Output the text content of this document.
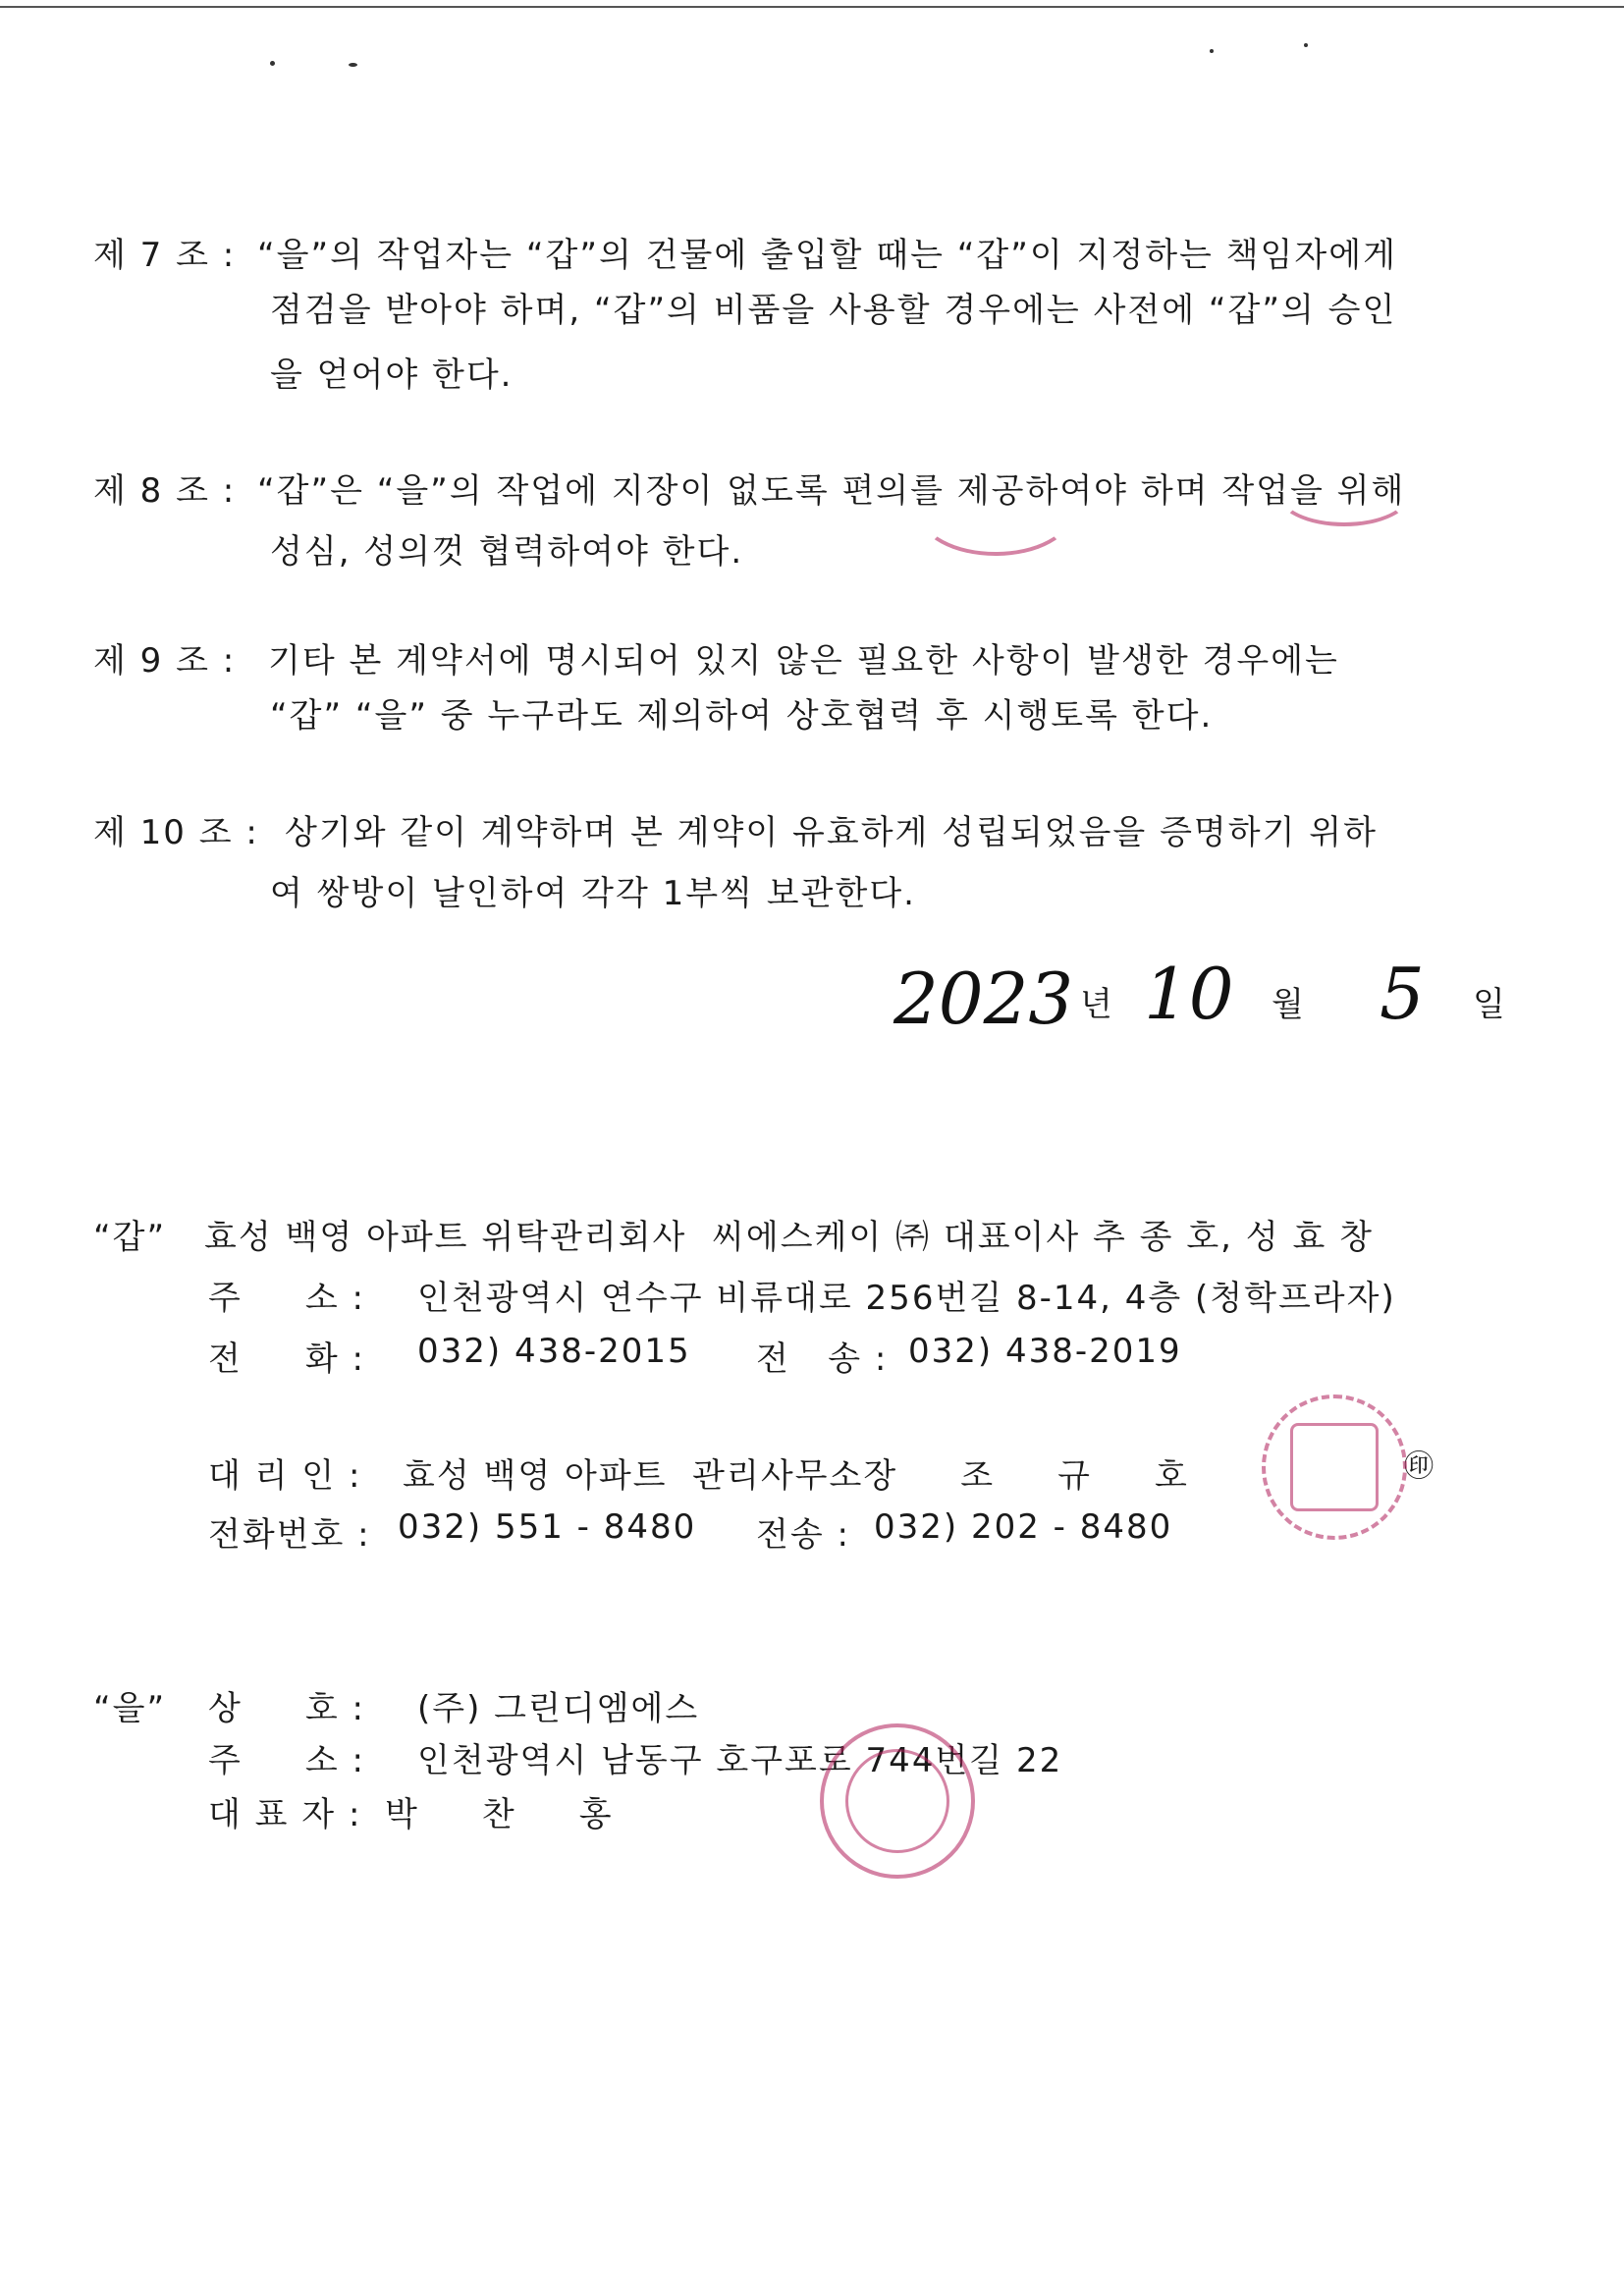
제 7 조 : “을”의 작업자는 “갑”의 건물에 출입할 때는 “갑”이 지정하는 책임자에게
점검을 받아야 하며, “갑”의 비품을 사용할 경우에는 사전에 “갑”의 승인
을 얻어야 한다.
제 8 조 : “갑”은 “을”의 작업에 지장이 없도록 편의를 제공하여야 하며 작업을 위해
성심, 성의껏 협력하여야 한다.
제 9 조 : 기타 본 계약서에 명시되어 있지 않은 필요한 사항이 발생한 경우에는
“갑” “을” 중 누구라도 제의하여 상호협력 후 시행토록 한다.
제 10 조 : 상기와 같이 계약하며 본 계약이 유효하게 성립되었음을 증명하기 위하
여 쌍방이 날인하여 각각 1부씩 보관한다.
2023 년 10 월 5 일
“갑” 효성 백영 아파트 위탁관리회사  씨에스케이 ㈜ 대표이사 추 종 호, 성 효 창
주     소 : 인천광역시 연수구 비류대로 256번길 8-14, 4층 (청학프라자)
전     화 : 032) 438-2015 전   송 : 032) 438-2019
대 리 인 : 효성 백영 아파트  관리사무소장     조     규     호	㊞
전화번호 : 032) 551 - 8480 전송 : 032) 202 - 8480
“을” 상     호 : (주) 그린디엠에스
주     소 : 인천광역시 남동구 호구포로 744번길 22
대 표 자 : 박     찬     홍
